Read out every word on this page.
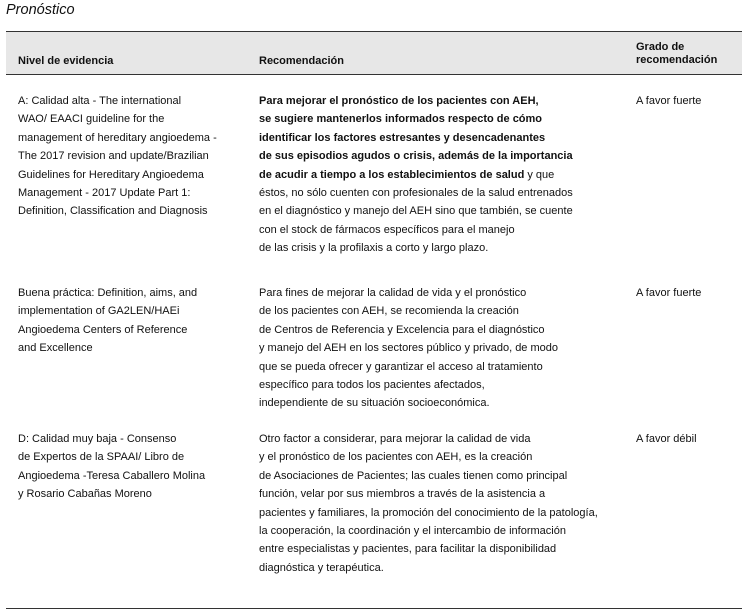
Pronóstico
Nivel de evidencia	Recomendación
Grado de
recomendación
A: Calidad alta - The international
WAO/ EAACI guideline for the
management of hereditary angioedema -
The 2017 revision and update/Brazilian
Guidelines for Hereditary Angioedema
Management - 2017 Update Part 1:
Definition, Classification and Diagnosis
Para mejorar el pronóstico de los pacientes con AEH,
se sugiere mantenerlos informados respecto de cómo
identificar los factores estresantes y desencadenantes
de sus episodios agudos o crisis, además de la importancia
de acudir a tiempo a los establecimientos de salud y que
éstos, no sólo cuenten con profesionales de la salud entrenados
en el diagnóstico y manejo del AEH sino que también, se cuente
con el stock de fármacos específicos para el manejo
de las crisis y la profilaxis a corto y largo plazo.
A favor fuerte
Buena práctica: Definition, aims, and
implementation of GA2LEN/HAEi
Angioedema Centers of Reference
and Excellence
Para fines de mejorar la calidad de vida y el pronóstico
de los pacientes con AEH, se recomienda la creación
de Centros de Referencia y Excelencia para el diagnóstico
y manejo del AEH en los sectores público y privado, de modo
que se pueda ofrecer y garantizar el acceso al tratamiento
específico para todos los pacientes afectados,
independiente de su situación socioeconómica.
A favor fuerte
D: Calidad muy baja - Consenso
de Expertos de la SPAAI/ Libro de
Angioedema -Teresa Caballero Molina
y Rosario Cabañas Moreno
Otro factor a considerar, para mejorar la calidad de vida
y el pronóstico de los pacientes con AEH, es la creación
de Asociaciones de Pacientes; las cuales tienen como principal
función, velar por sus miembros a través de la asistencia a
pacientes y familiares, la promoción del conocimiento de la patología,
la cooperación, la coordinación y el intercambio de información
entre especialistas y pacientes, para facilitar la disponibilidad
diagnóstica y terapéutica.
A favor débil
